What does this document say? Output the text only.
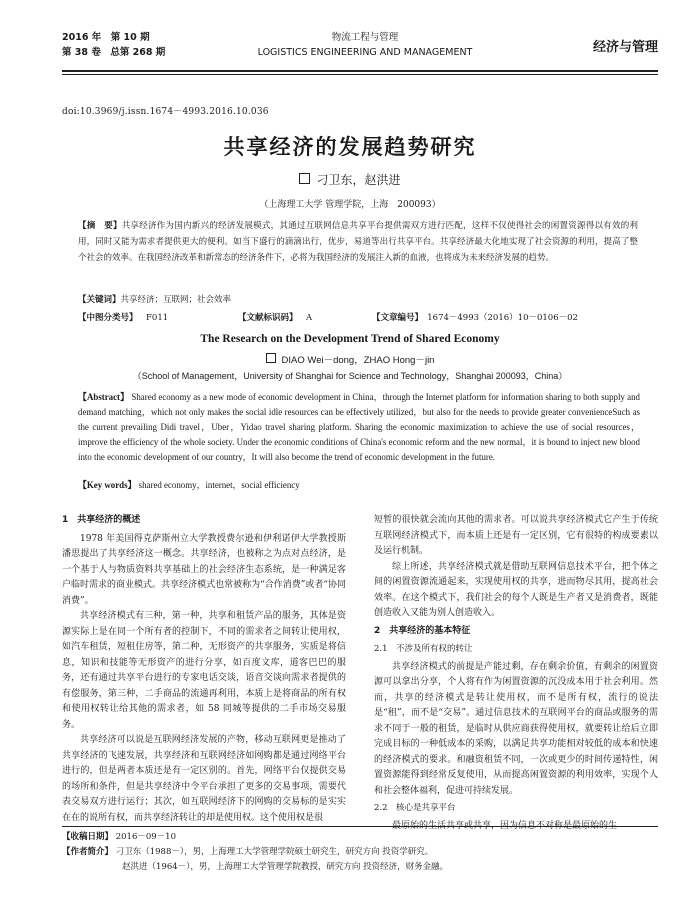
2016 年  第 10 期
第 38 卷  总第 268 期
物流工程与管理
LOGISTICS ENGINEERING AND MANAGEMENT	经济与管理
doi:10.3969/j.issn.1674－4993.2016.10.036
共享经济的发展趋势研究
刁卫东，赵洪进
（上海理工大学 管理学院，上海　200093）
【摘　要】共享经济作为国内新兴的经济发展模式，其通过互联网信息共享平台提供需双方进行匹配，这样不仅使得社会的闲置资源得以有效的利用，同时又能为需求者提供更大的便利。如当下盛行的滴滴出行，优步，易道等出行共享平台。共享经济最大化地实现了社会资源的利用，提高了整个社会的效率。在我国经济改革和新常态的经济条件下，必将为我国经济的发展注入新的血液，也将成为未来经济发展的趋势。
【关键词】共享经济；互联网；社会效率
【中图分类号】  F011	【文献标识码】  A	【文章编号】  1674－4993（2016）10－0106－02
The Research on the Development Trend of Shared Economy
DIAO Wei－dong，ZHAO Hong－jin
（School of Management，University of Shanghai for Science and Technology，Shanghai 200093，China）
【Abstract】 Shared economy as a new mode of economic development in China，through the Internet platform for information sharing to both supply and demand matching，which not only makes the social idle resources can be effectively utilized，but also for the needs to provide greater convenienceSuch as the current prevailing Didi travel，Uber，Yidao travel sharing platform. Sharing the economic maximization to achieve the use of social resources，improve the efficiency of the whole society. Under the economic conditions of China's economic reform and the new normal，it is bound to inject new blood into the economic development of our country，It will also become the trend of economic development in the future.
【Key words】 shared economy，internet，social efficiency
1　共享经济的概述

1978 年美国得克萨斯州立大学教授费尔逊和伊利诺伊大学教授斯潘思提出了共享经济这一概念。共享经济，也被称之为点对点经济，是一个基于人与物质资料共享基础上的社会经济生态系统，是一种满足客户临时需求的商业模式。共享经济模式也常被称为“合作消费”或者“协同消费”。

共享经济模式有三种，第一种，共享和租赁产品的服务，其体是资源实际上是在同一个所有者的控制下，不同的需求者之间转让使用权，如汽车租赁，短租住房等，第二种，无形资产的共享服务，实质是将信息，知识和技能等无形资产的进行分享，如百度文库，道客巴巴的服务，还有通过共享平台进行的专家电话交谈，语音交谈向需求者提供的有偿服务，第三种，二手商品的流通再利用，本质上是将商品的所有权和使用权转让给其他的需求者，如 58 同城等提供的二手市场交易服务。

共享经济可以说是互联网经济发展的产物，移动互联网更是推动了共享经济的飞速发展，共享经济和互联网经济如网购都是通过网络平台进行的，但是两者本质还是有一定区别的。首先，网络平台仅提供交易的场所和条件，但是共享经济中令平台承担了更多的交易事项，需要代表交易双方进行运行；其次，如互联网经济下的网购的交易标的是实实在在的说所有权，而共享经济转让的却是使用权。这个使用权是很

短暂的很快就会流向其他的需求者。可以说共享经济模式它产生于传统互联网经济模式下，而本质上还是有一定区别，它有很特的构成要素以及运行机制。

综上所述，共享经济模式就是借助互联网信息技术平台，把个体之间的闲置资源流通起来，实现使用权的共享，进而物尽其用，提高社会效率。在这个模式下，我们社会的每个人既是生产者又是消费者，既能创造收入又能为别人创造收入。

2　共享经济的基本特征
2.1　不涉及所有权的转让

共享经济模式的前提是产能过剩，存在剩余价值，有剩余的闲置资源可以拿出分享，个人将有作为闲置资源的沉没成本用于社会利用。然而，共享的经济模式是转让使用权，而不是所有权，流行的说法是“租”，而不是“交易”。通过信息技术的互联网平台的商品或服务的需求不同于一般的租赁，是临时从供应商获得使用权，就要转让给后立即完成目标的一种低成本的采购，以满足共享功能相对较低的成本和快速的经济模式的要求。和融资租赁不同，一次或更少的时间传递特性，闲置资源能得到经常反复使用，从而提高闲置资源的利用效率，实现个人和社会整体福利，促进可持续发展。

2.2　核心是共享平台

【收稿日期】 2016－09－10
【作者简介】 刁卫东（1988－），男，上海理工大学管理学院硕士研究生，研究方向 投资学研究。
赵洪进（1964－），男，上海理工大学管理学院教授，研究方向 投资经济，财务金融。
